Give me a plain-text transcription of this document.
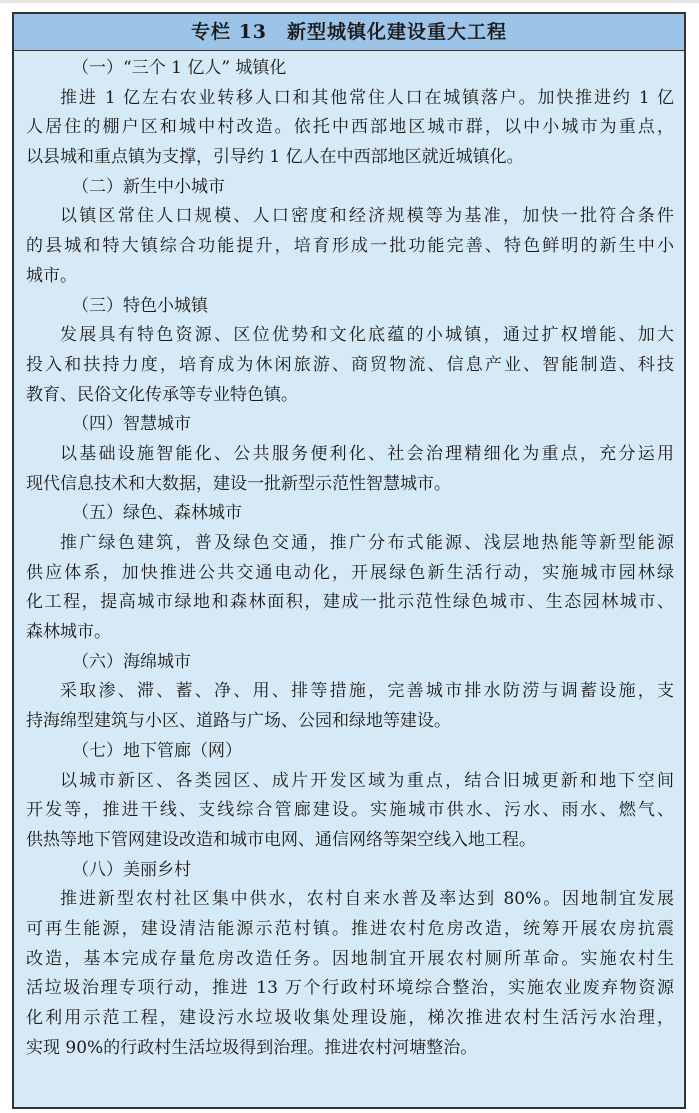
专栏 13　新型城镇化建设重大工程
（一）“三个 1 亿人” 城镇化
推进 1 亿左右农业转移人口和其他常住人口在城镇落户。加快推进约 1 亿
人居住的棚户区和城中村改造。依托中西部地区城市群，以中小城市为重点，
以县城和重点镇为支撑，引导约 1 亿人在中西部地区就近城镇化。
（二）新生中小城市
以镇区常住人口规模、人口密度和经济规模等为基准，加快一批符合条件
的县城和特大镇综合功能提升，培育形成一批功能完善、特色鲜明的新生中小
城市。
（三）特色小城镇
发展具有特色资源、区位优势和文化底蕴的小城镇，通过扩权增能、加大
投入和扶持力度，培育成为休闲旅游、商贸物流、信息产业、智能制造、科技
教育、民俗文化传承等专业特色镇。
（四）智慧城市
以基础设施智能化、公共服务便利化、社会治理精细化为重点，充分运用
现代信息技术和大数据，建设一批新型示范性智慧城市。
（五）绿色、森林城市
推广绿色建筑，普及绿色交通，推广分布式能源、浅层地热能等新型能源
供应体系，加快推进公共交通电动化，开展绿色新生活行动，实施城市园林绿
化工程，提高城市绿地和森林面积，建成一批示范性绿色城市、生态园林城市、
森林城市。
（六）海绵城市
采取渗、滞、蓄、净、用、排等措施，完善城市排水防涝与调蓄设施，支
持海绵型建筑与小区、道路与广场、公园和绿地等建设。
（七）地下管廊（网）
以城市新区、各类园区、成片开发区域为重点，结合旧城更新和地下空间
开发等，推进干线、支线综合管廊建设。实施城市供水、污水、雨水、燃气、
供热等地下管网建设改造和城市电网、通信网络等架空线入地工程。
（八）美丽乡村
推进新型农村社区集中供水，农村自来水普及率达到 80%。因地制宜发展
可再生能源，建设清洁能源示范村镇。推进农村危房改造，统筹开展农房抗震
改造，基本完成存量危房改造任务。因地制宜开展农村厕所革命。实施农村生
活垃圾治理专项行动，推进 13 万个行政村环境综合整治，实施农业废弃物资源
化利用示范工程，建设污水垃圾收集处理设施，梯次推进农村生活污水治理，
实现 90%的行政村生活垃圾得到治理。推进农村河塘整治。
